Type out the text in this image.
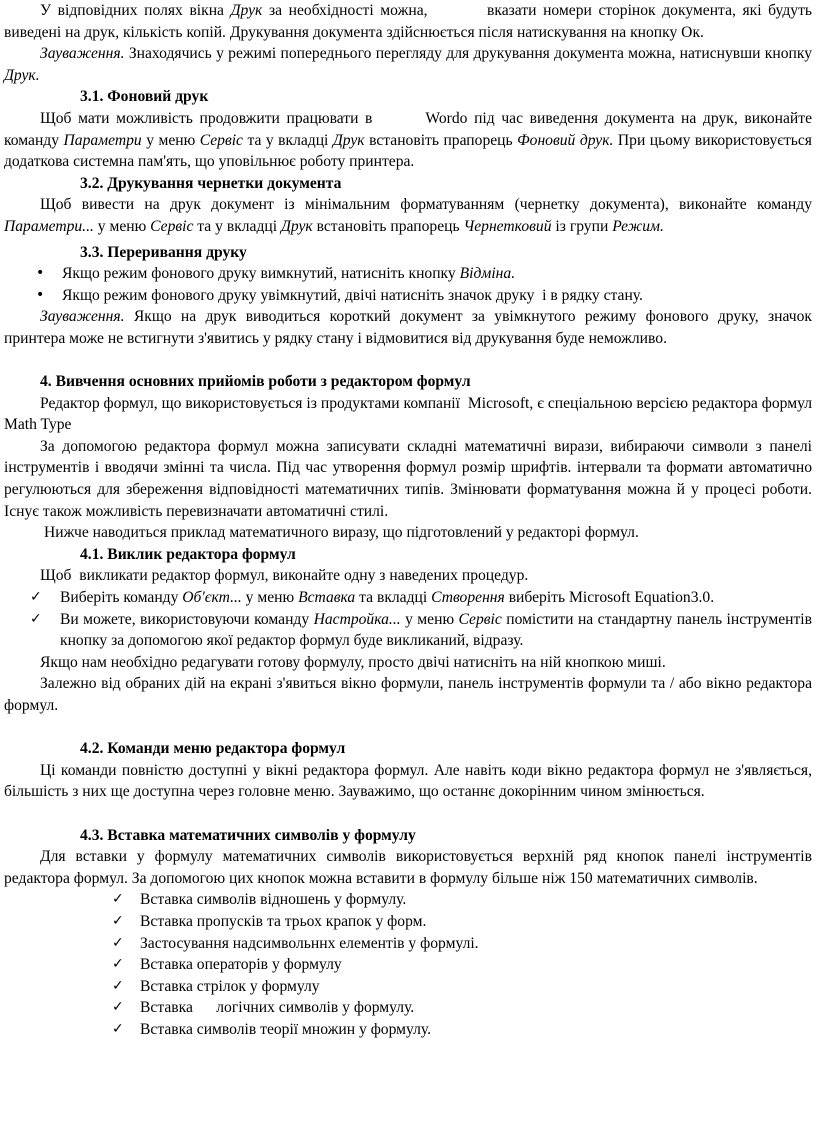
У відповідних полях вікна Друк за необхідності можна,         вказати номери сторінок документа, які будуть виведені на друк, кількість копій. Друкування документа здійснюється після натискування на кнопку Ок.

Зауваження. Знаходячись у режимі попереднього перегляду для друкування документа можна, натиснувши кнопку Друк.

3.1. Фоновий друк

Щоб мати можливість продовжити працювати в        Wordо під час виведення документа на друк, виконайте команду Параметри у меню Сервіс та у вкладці Друк встановіть прапорець Фоновий друк. При цьому використовується додаткова системна пам'ять, що уповільнює роботу принтера.

3.2. Друкування чернетки документа

Щоб вивести на друк документ із мінімальним форматуванням (чернетку документа), виконайте команду Параметри... у меню Сервіс та у вкладці Друк встановіть прапорець Чернетковий із групи Режим.

3.3. Переривання друку

• Якщо режим фонового друку вимкнутий, натисніть кнопку Відміна.
• Якщо режим фонового друку увімкнутий, двічі натисніть значок друку  і в рядку стану.

Зауваження. Якщо на друк виводиться короткий документ за увімкнутого режиму фонового друку, значок принтера може не встигнути з'явитись у рядку стану і відмовитися від друкування буде неможливо.

4. Вивчення основних прийомів роботи з редактором формул

Редактор формул, що використовується із продуктами компанії  Microsoft, є спеціальною версією редактора формул Math Type

За допомогою редактора формул можна записувати складні математичні вирази, вибираючи символи з панелі інструментів і вводячи змінні та числа. Під час утворення формул розмір шрифтів. інтервали та формати автоматично регулюються для збереження відповідності математичних типів. Змінювати форматування можна й у процесі роботи. Існує також можливість перевизначати автоматичні стилі.

Нижче наводиться приклад математичного виразу, що підготовлений у редакторі формул.

4.1. Виклик редактора формул

Щоб  викликати редактор формул, виконайте одну з наведених процедур.

✓ Виберіть команду Об'єкт... у меню Вставка та вкладці Створення виберіть Microsoft Equation3.0.
✓ Ви можете, використовуючи команду Настройка... у меню Сервіс помістити на стандартну панель інструментів кнопку за допомогою якої редактор формул буде викликаний, відразу.

Якщо нам необхідно редагувати готову формулу, просто двічі натисніть на ній кнопкою миші.

Залежно від обраних дій на екрані з'явиться вікно формули, панель інструментів формули та / або вікно редактора формул.

4.2. Команди меню редактора формул

Ці команди повністю доступні у вікні редактора формул. Але навіть коди вікно редактора формул не з'являється, більшість з них ще доступна через головне меню. Зауважимо, що останнє докорінним чином змінюється.

4.3. Вставка математичних символів у формулу

Для вставки у формулу математичних символів використовується верхній ряд кнопок панелі інструментів редактора формул. За допомогою цих кнопок можна вставити в формулу більше ніж 150 математичних символів.

✓ Вставка символів відношень у формулу.
✓ Вставка пропусків та трьох крапок у форм.
✓ Застосування надсимвольннх елементів у формулі.
✓ Вставка операторів у формулу
✓ Вставка стрілок у формулу
✓ Вставка      логічних символів у формулу.
✓ Вставка символів теорії множин у формулу.
